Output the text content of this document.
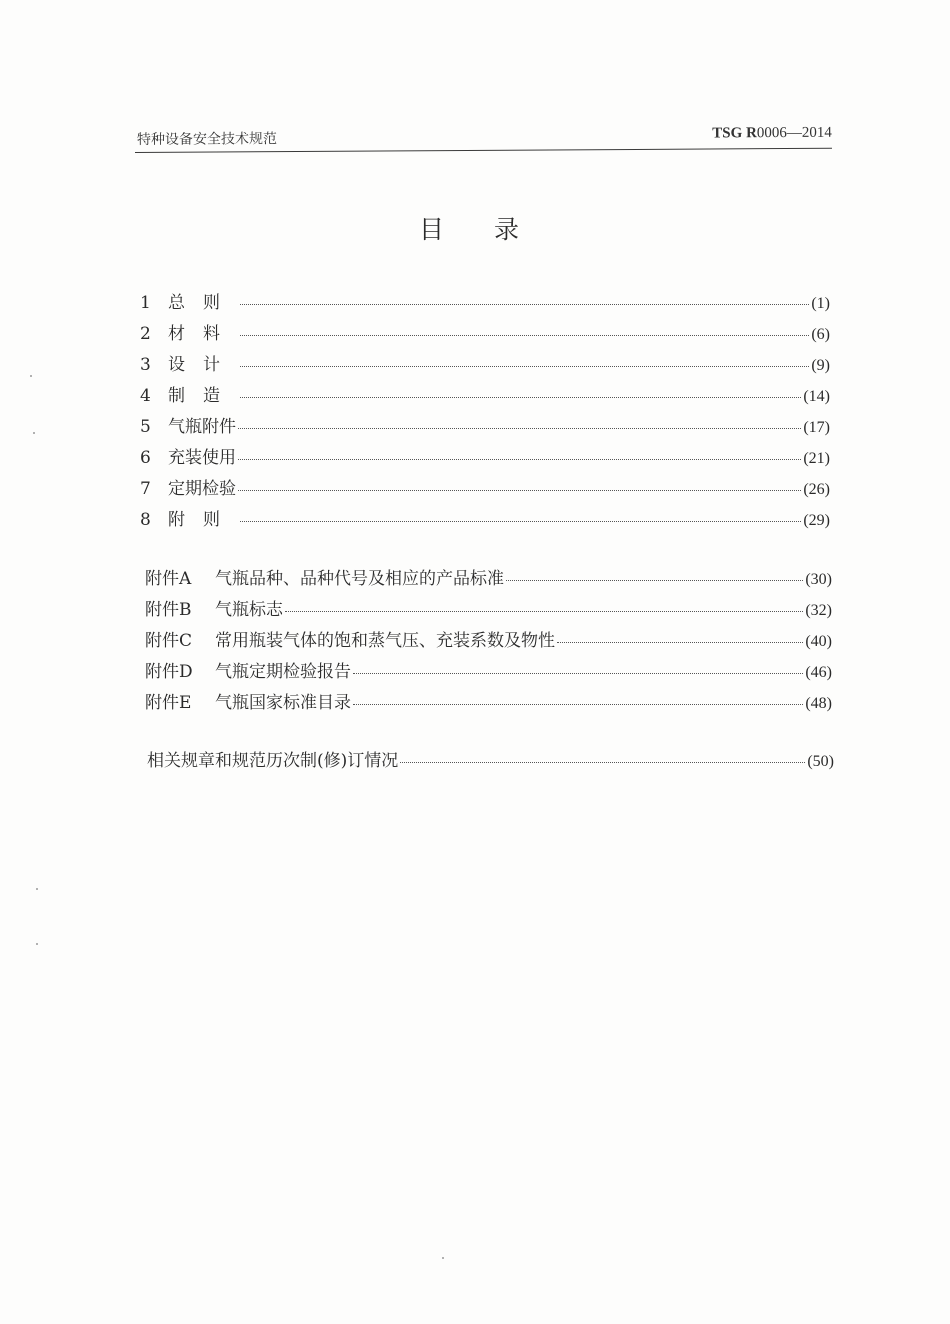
特种设备安全技术规范	TSG R0006—2014
目录
1	总则	(1)
2	材料	(6)
3	设计	(9)
4	制造	(14)
5	气瓶附件	(17)
6	充装使用	(21)
7	定期检验	(26)
8	附则	(29)
附件A	气瓶品种、品种代号及相应的产品标准	(30)
附件B	气瓶标志	(32)
附件C	常用瓶装气体的饱和蒸气压、充装系数及物性	(40)
附件D	气瓶定期检验报告	(46)
附件E	气瓶国家标准目录	(48)
相关规章和规范历次制(修)订情况	(50)
